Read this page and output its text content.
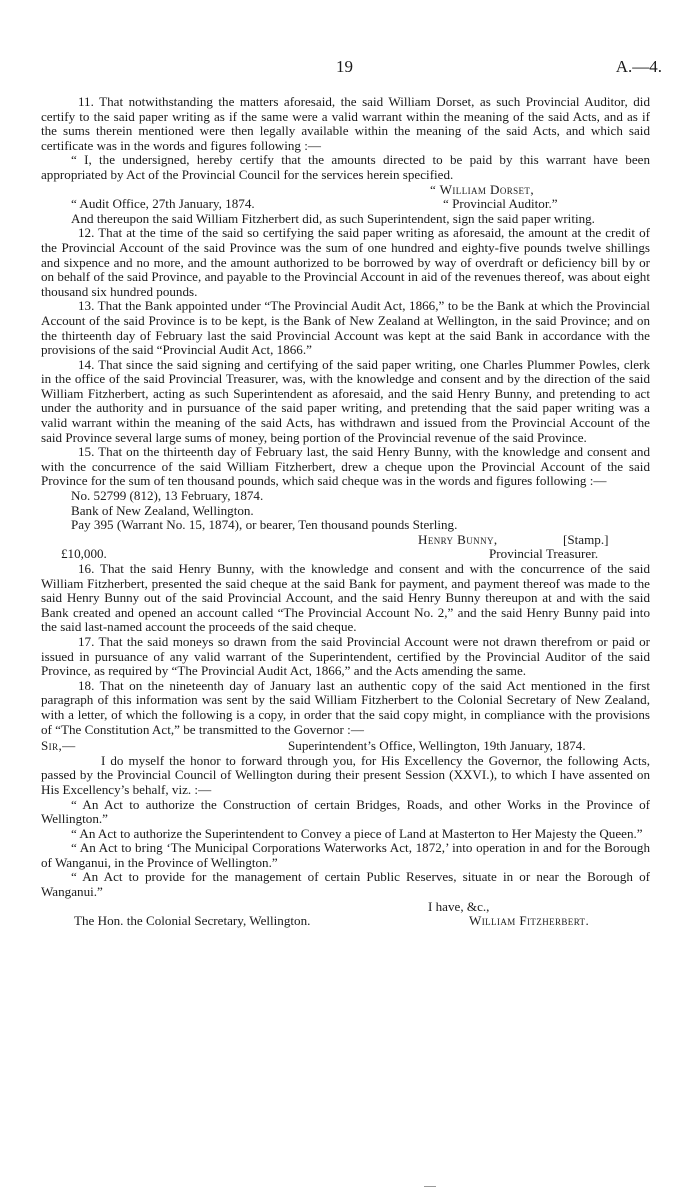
19	A.—4.

11. That notwithstanding the matters aforesaid, the said William Dorset, as such Provincial Auditor, did certify to the said paper writing as if the same were a valid warrant within the meaning of the said Acts, and as if the sums therein mentioned were then legally available within the meaning of the said Acts, and which said certificate was in the words and figures following :—

“ I, the undersigned, hereby certify that the amounts directed to be paid by this warrant have been appropriated by Act of the Provincial Council for the services herein specified.

“ William Dorset,
“ Audit Office, 27th January, 1874.	“ Provincial Auditor.”

And thereupon the said William Fitzherbert did, as such Superintendent, sign the said paper writing.

12. That at the time of the said so certifying the said paper writing as aforesaid, the amount at the credit of the Provincial Account of the said Province was the sum of one hundred and eighty-five pounds twelve shillings and sixpence and no more, and the amount authorized to be borrowed by way of overdraft or deficiency bill by or on behalf of the said Province, and payable to the Provincial Account in aid of the revenues thereof, was about eight thousand six hundred pounds.

13. That the Bank appointed under “The Provincial Audit Act, 1866,” to be the Bank at which the Provincial Account of the said Province is to be kept, is the Bank of New Zealand at Wellington, in the said Province; and on the thirteenth day of February last the said Provincial Account was kept at the said Bank in accordance with the provisions of the said “Provincial Audit Act, 1866.”

14. That since the said signing and certifying of the said paper writing, one Charles Plummer Powles, clerk in the office of the said Provincial Treasurer, was, with the knowledge and consent and by the direction of the said William Fitzherbert, acting as such Superintendent as aforesaid, and the said Henry Bunny, and pretending to act under the authority and in pursuance of the said paper writing, and pretending that the said paper writing was a valid warrant within the meaning of the said Acts, has withdrawn and issued from the Provincial Account of the said Province several large sums of money, being portion of the Provincial revenue of the said Province.

15. That on the thirteenth day of February last, the said Henry Bunny, with the knowledge and consent and with the concurrence of the said William Fitzherbert, drew a cheque upon the Provincial Account of the said Province for the sum of ten thousand pounds, which said cheque was in the words and figures following :—

No. 52799 (812), 13 February, 1874.
Bank of New Zealand, Wellington.
Pay 395 (Warrant No. 15, 1874), or bearer, Ten thousand pounds Sterling.
Henry Bunny,	[Stamp.]
£10,000.	Provincial Treasurer.

16. That the said Henry Bunny, with the knowledge and consent and with the concurrence of the said William Fitzherbert, presented the said cheque at the said Bank for payment, and payment thereof was made to the said Henry Bunny out of the said Provincial Account, and the said Henry Bunny thereupon at and with the said Bank created and opened an account called “The Provincial Account No. 2,” and the said Henry Bunny paid into the said last-named account the proceeds of the said cheque.

17. That the said moneys so drawn from the said Provincial Account were not drawn therefrom or paid or issued in pursuance of any valid warrant of the Superintendent, certified by the Provincial Auditor of the said Province, as required by “The Provincial Audit Act, 1866,” and the Acts amending the same.

18. That on the nineteenth day of January last an authentic copy of the said Act mentioned in the first paragraph of this information was sent by the said William Fitzherbert to the Colonial Secretary of New Zealand, with a letter, of which the following is a copy, in order that the said copy might, in compliance with the provisions of “The Constitution Act,” be transmitted to the Governor :—

Sir,—	Superintendent’s Office, Wellington, 19th January, 1874.

I do myself the honor to forward through you, for His Excellency the Governor, the following Acts, passed by the Provincial Council of Wellington during their present Session (XXVI.), to which I have assented on His Excellency’s behalf, viz. :—

“ An Act to authorize the Construction of certain Bridges, Roads, and other Works in the Province of Wellington.”

“ An Act to authorize the Superintendent to Convey a piece of Land at Masterton to Her Majesty the Queen.”

“ An Act to bring ‘The Municipal Corporations Waterworks Act, 1872,’ into operation in and for the Borough of Wanganui, in the Province of Wellington.”

“ An Act to provide for the management of certain Public Reserves, situate in or near the Borough of Wanganui.”

I have, &c.,
The Hon. the Colonial Secretary, Wellington.	William Fitzherbert.
